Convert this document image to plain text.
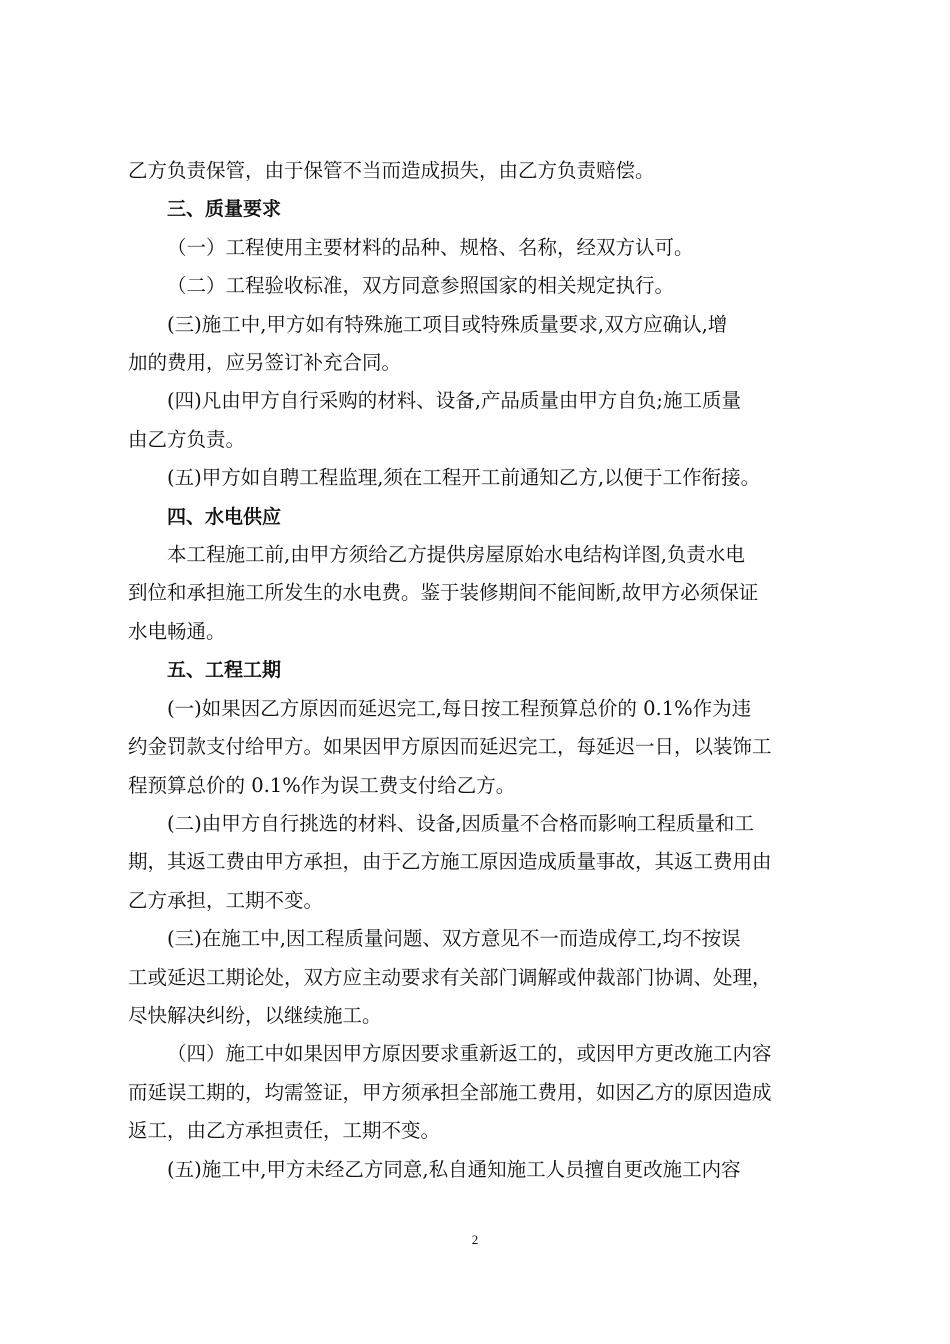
乙方负责保管，由于保管不当而造成损失，由乙方负责赔偿。
三、质量要求
（一）工程使用主要材料的品种、规格、名称，经双方认可。
（二）工程验收标准，双方同意参照国家的相关规定执行。
(三)施工中,甲方如有特殊施工项目或特殊质量要求,双方应确认,增
加的费用，应另签订补充合同。
(四)凡由甲方自行采购的材料、设备,产品质量由甲方自负;施工质量
由乙方负责。
(五)甲方如自聘工程监理,须在工程开工前通知乙方,以便于工作衔接。
四、水电供应
本工程施工前,由甲方须给乙方提供房屋原始水电结构详图,负责水电
到位和承担施工所发生的水电费。鉴于装修期间不能间断,故甲方必须保证
水电畅通。
五、工程工期
(一)如果因乙方原因而延迟完工,每日按工程预算总价的 0.1%作为违
约金罚款支付给甲方。如果因甲方原因而延迟完工，每延迟一日，以装饰工
程预算总价的 0.1%作为误工费支付给乙方。
(二)由甲方自行挑选的材料、设备,因质量不合格而影响工程质量和工
期，其返工费由甲方承担，由于乙方施工原因造成质量事故，其返工费用由
乙方承担，工期不变。
(三)在施工中,因工程质量问题、双方意见不一而造成停工,均不按误
工或延迟工期论处，双方应主动要求有关部门调解或仲裁部门协调、处理，
尽快解决纠纷，以继续施工。
（四）施工中如果因甲方原因要求重新返工的，或因甲方更改施工内容
而延误工期的，均需签证，甲方须承担全部施工费用，如因乙方的原因造成
返工，由乙方承担责任，工期不变。
(五)施工中,甲方未经乙方同意,私自通知施工人员擅自更改施工内容
2
